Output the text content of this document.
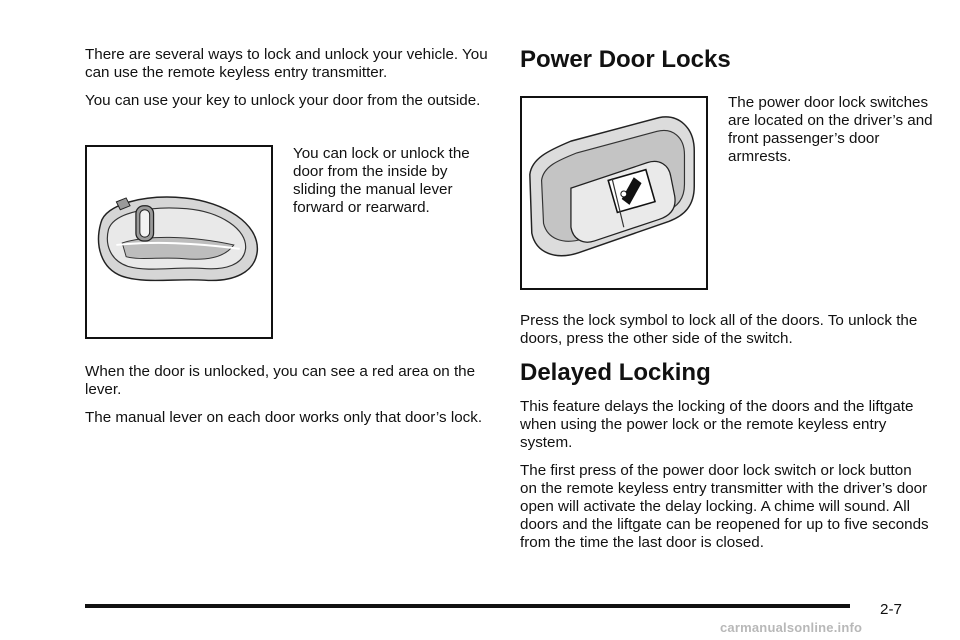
There are several ways to lock and unlock your vehicle. You can use the remote keyless entry transmitter.

You can use your key to unlock your door from the outside.

You can lock or unlock the door from the inside by sliding the manual lever forward or rearward.

When the door is unlocked, you can see a red area on the lever.

The manual lever on each door works only that door’s lock.

Power Door Locks

The power door lock switches are located on the driver’s and front passenger’s door armrests.

Press the lock symbol to lock all of the doors. To unlock the doors, press the other side of the switch.

Delayed Locking

This feature delays the locking of the doors and the liftgate when using the power lock or the remote keyless entry system.

The first press of the power door lock switch or lock button on the remote keyless entry transmitter with the driver’s door open will activate the delay locking. A chime will sound. All doors and the liftgate can be reopened for up to five seconds from the time the last door is closed.

2-7
carmanualsonline.info
